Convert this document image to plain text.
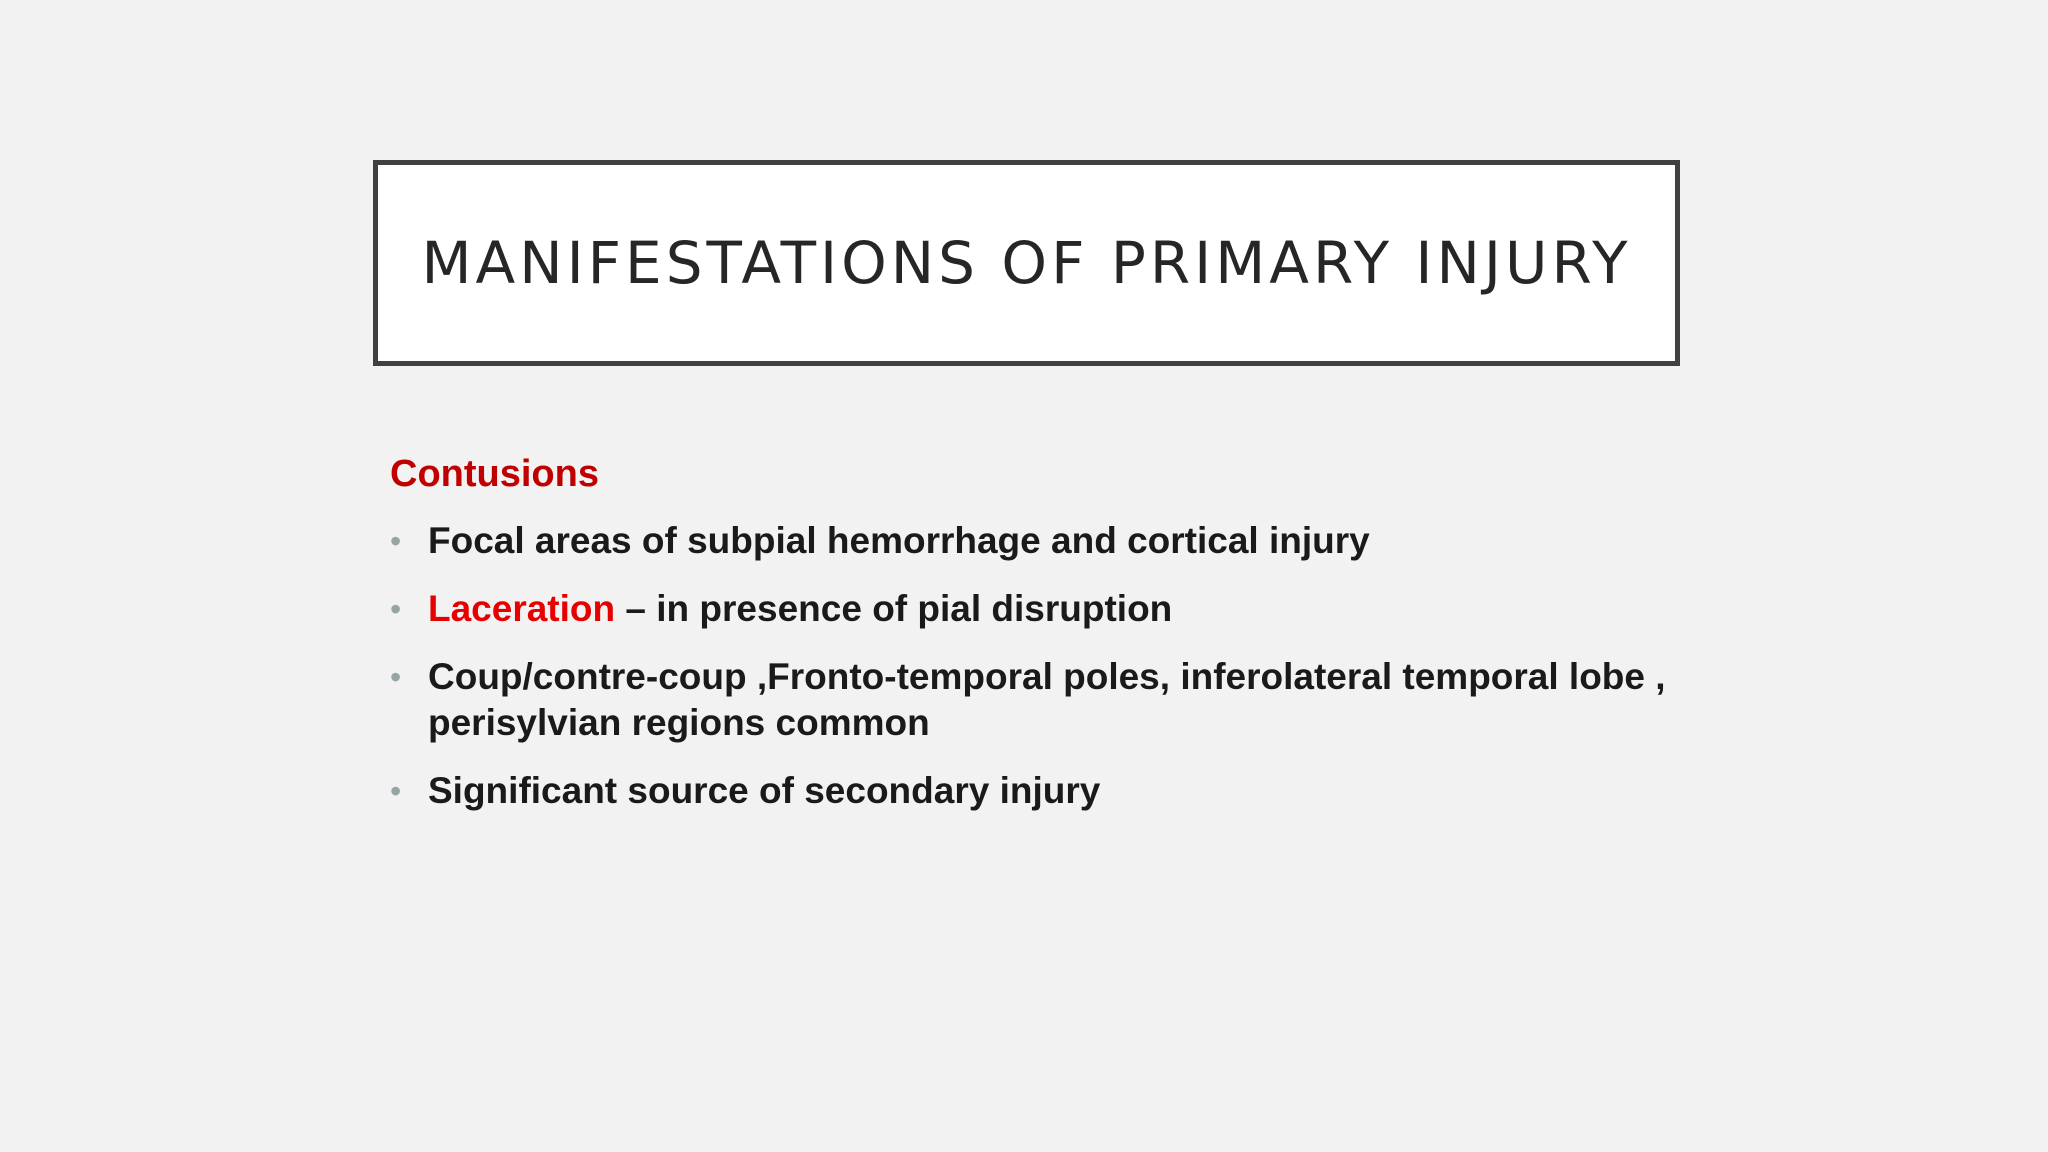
MANIFESTATIONS OF PRIMARY INJURY
Contusions
• Focal areas of subpial hemorrhage and cortical injury
• Laceration – in presence of pial disruption
• Coup/contre-coup ,Fronto-temporal poles, inferolateral temporal lobe , perisylvian regions common
• Significant source of secondary injury
